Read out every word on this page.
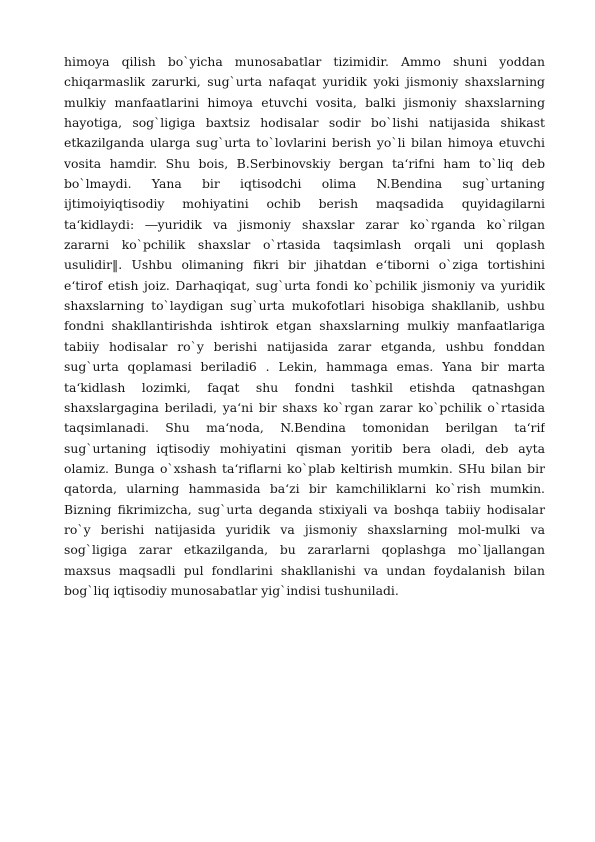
himoya qilish bo`yicha munosabatlar tizimidir. Ammo shuni yoddan
chiqarmaslik zarurki, sug`urta nafaqat yuridik yoki jismoniy shaxslarning
mulkiy manfaatlarini himoya etuvchi vosita, balki jismoniy shaxslarning
hayotiga, sog`ligiga baxtsiz hodisalar sodir bo`lishi natijasida shikast
etkazilganda ularga sug`urta to`lovlarini berish yo`li bilan himoya etuvchi
vosita hamdir. Shu bois, B.Serbinovskiy bergan ta‘rifni ham to`liq deb
bo`lmaydi. Yana bir iqtisodchi olima N.Bendina sug`urtaning
ijtimoiyiqtisodiy mohiyatini ochib berish maqsadida quyidagilarni
ta‘kidlaydi: ―yuridik va jismoniy shaxslar zarar ko`rganda ko`rilgan
zararni ko`pchilik shaxslar o`rtasida taqsimlash orqali uni qoplash
usulidir‖. Ushbu olimaning fikri bir jihatdan e‘tiborni o`ziga tortishini
e‘tirof etish joiz. Darhaqiqat, sug`urta fondi ko`pchilik jismoniy va yuridik
shaxslarning to`laydigan sug`urta mukofotlari hisobiga shakllanib, ushbu
fondni shakllantirishda ishtirok etgan shaxslarning mulkiy manfaatlariga
tabiiy hodisalar ro`y berishi natijasida zarar etganda, ushbu fonddan
sug`urta qoplamasi beriladi6 . Lekin, hammaga emas. Yana bir marta
ta‘kidlash lozimki, faqat shu fondni tashkil etishda qatnashgan
shaxslargagina beriladi, ya‘ni bir shaxs ko`rgan zarar ko`pchilik o`rtasida
taqsimlanadi. Shu ma‘noda, N.Bendina tomonidan berilgan ta‘rif
sug`urtaning iqtisodiy mohiyatini qisman yoritib bera oladi, deb ayta
olamiz. Bunga o`xshash ta‘riflarni ko`plab keltirish mumkin. SHu bilan bir
qatorda, ularning hammasida ba‘zi bir kamchiliklarni ko`rish mumkin.
Bizning fikrimizcha, sug`urta deganda stixiyali va boshqa tabiiy hodisalar
ro`y berishi natijasida yuridik va jismoniy shaxslarning mol-mulki va
sog`ligiga zarar etkazilganda, bu zararlarni qoplashga mo`ljallangan
maxsus maqsadli pul fondlarini shakllanishi va undan foydalanish bilan
bog`liq iqtisodiy munosabatlar yig`indisi tushuniladi.
